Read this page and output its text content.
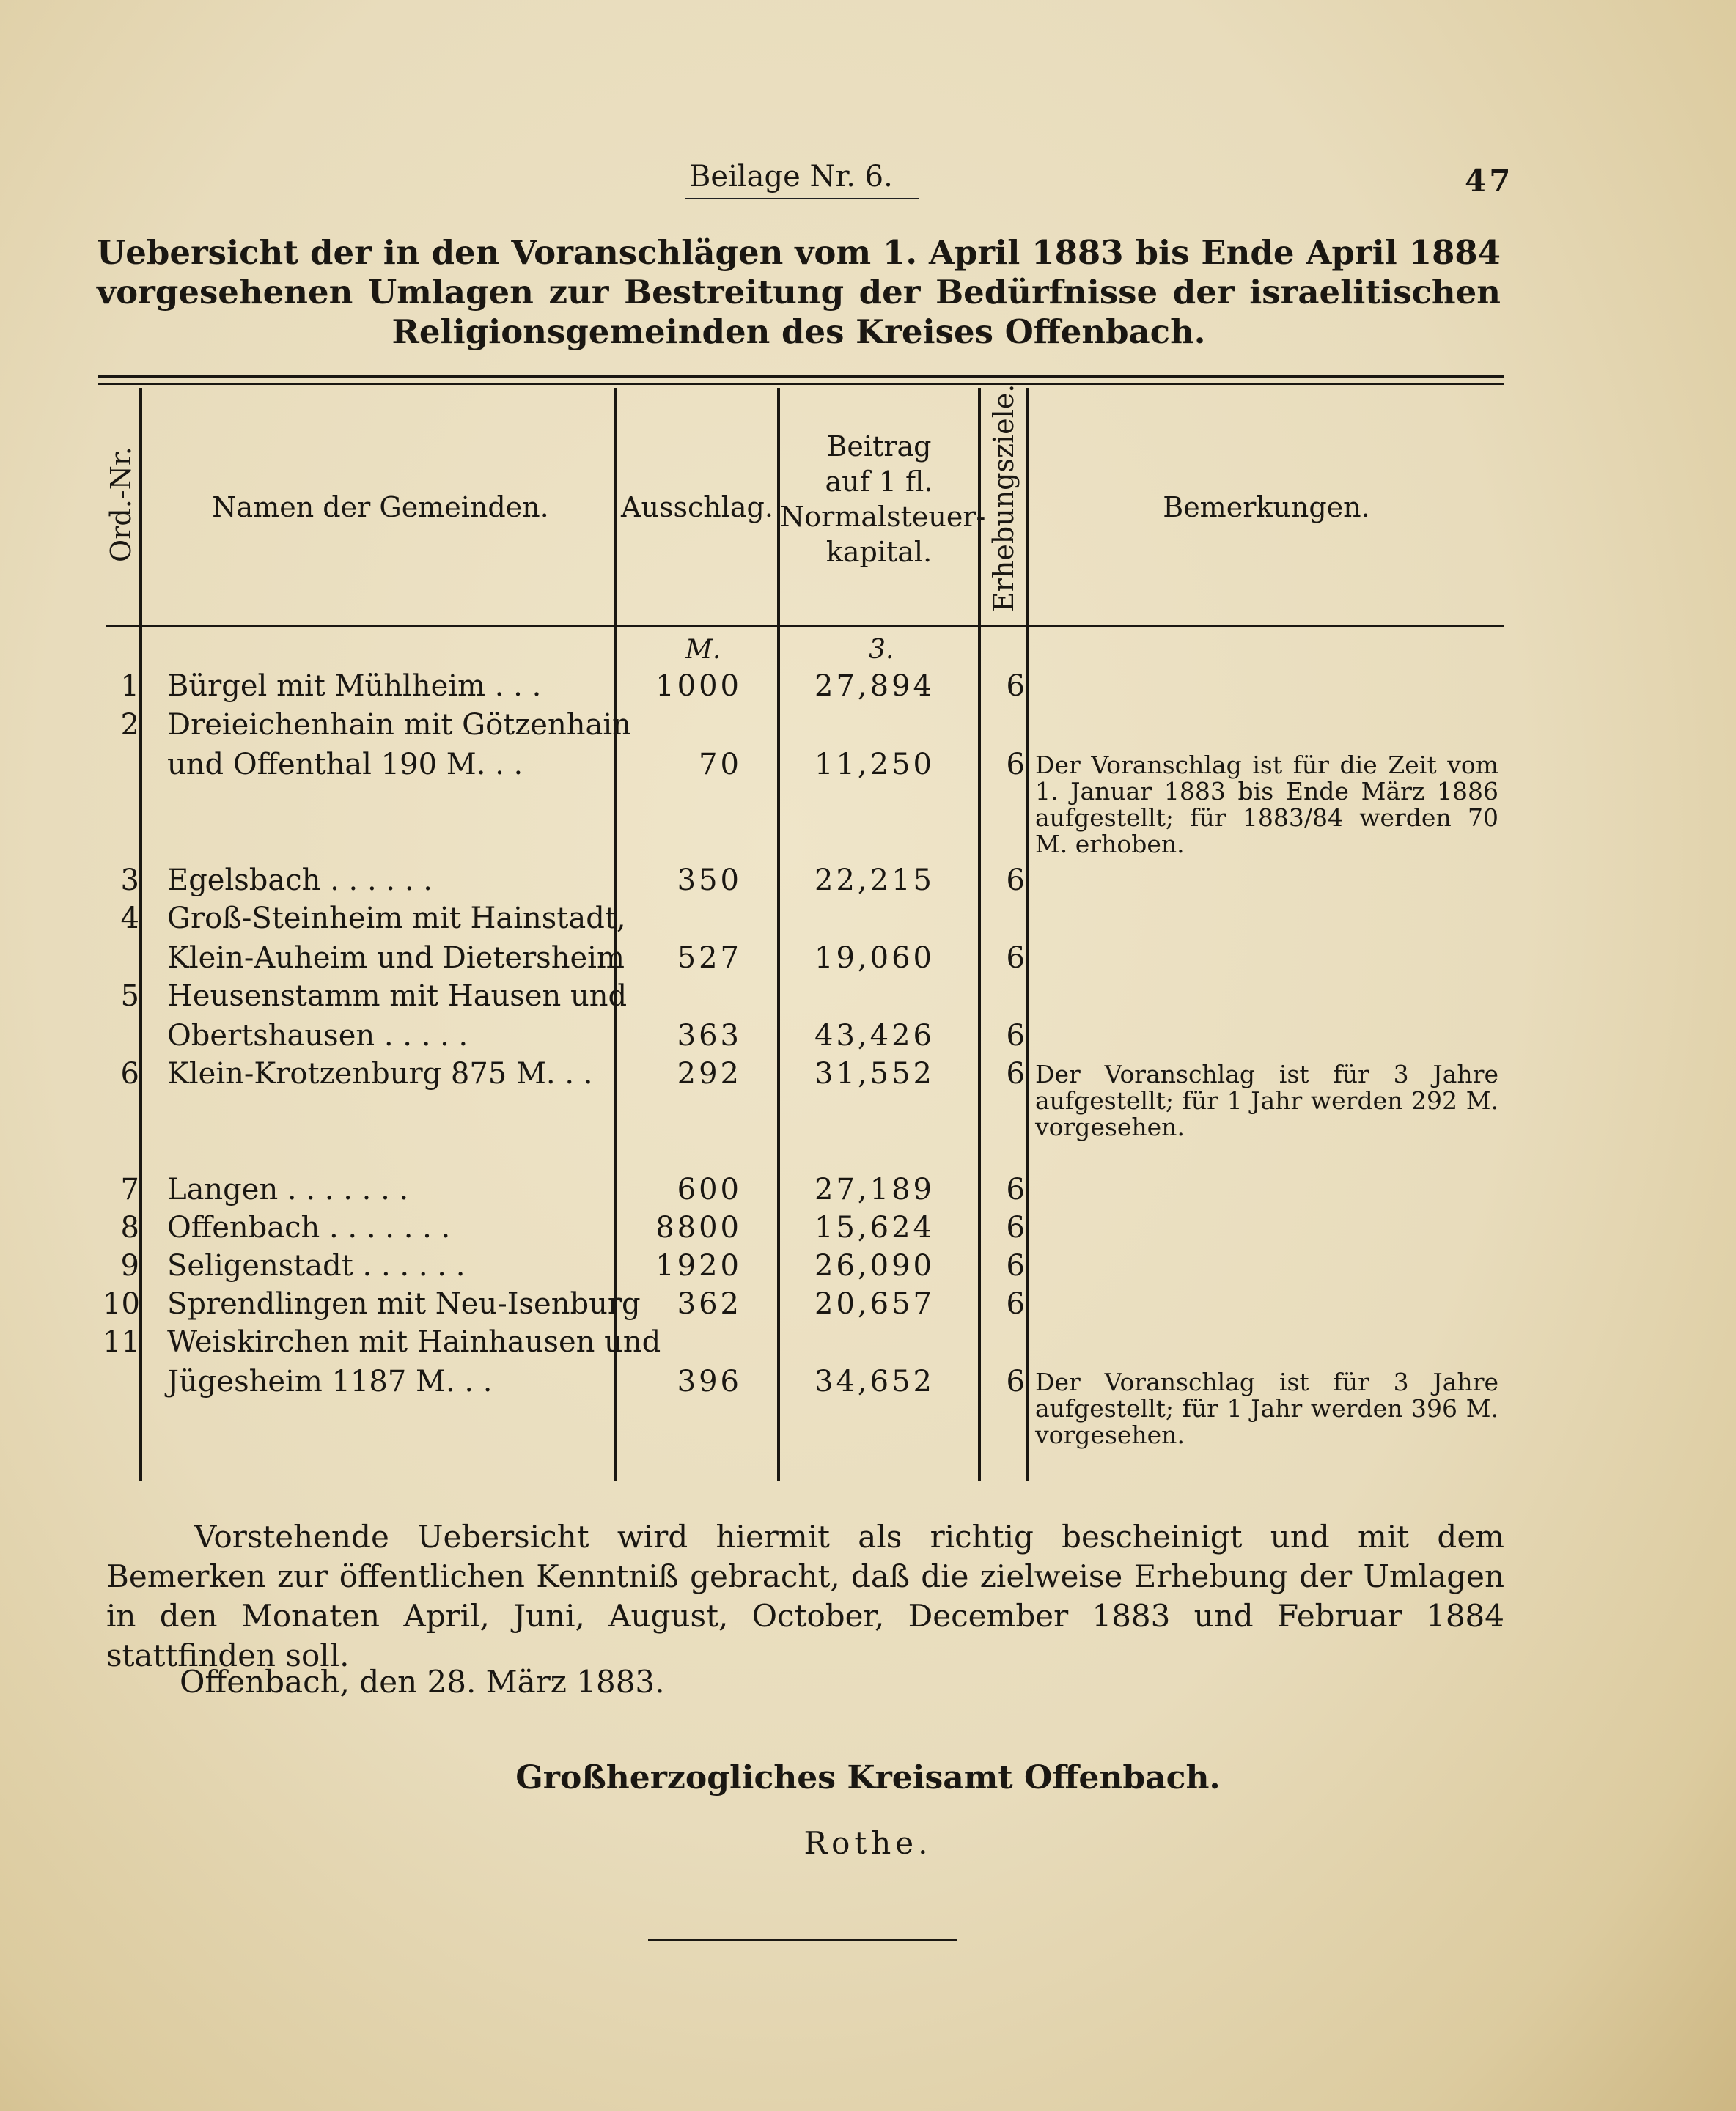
Beilage Nr. 6.	47
Uebersicht der in den Voranschlägen vom 1. April 1883 bis Ende April 1884 vorgesehenen Umlagen zur Bestreitung der Bedürfnisse der israelitischen Religionsgemeinden des Kreises Offenbach.
Ord.-Nr.	Namen der Gemeinden.	Ausschlag.
Beitrag
auf 1 fl.
Normalsteuer-
kapital.	Erhebungsziele.	Bemerkungen.
M.	3.
1 Bürgel mit Mühlheim . . .	1000	27,894	6
2 Dreieichenhain mit Götzenhain
und Offenthal 190 M. . .	70	11,250	6 Der Voranschlag ist für die Zeit vom 1. Januar 1883 bis Ende März 1886 aufgestellt; für 1883/84 werden 70 M. erhoben.
3 Egelsbach . . . . . .	350	22,215	6
4 Groß-Steinheim mit Hainstadt,
Klein-Auheim und Dietersheim	527	19,060	6
5 Heusenstamm mit Hausen und
Obertshausen . . . . .	363	43,426	6
6 Klein-Krotzenburg 875 M. . .	292	31,552	6 Der Voranschlag ist für 3 Jahre aufgestellt; für 1 Jahr werden 292 M. vorgesehen.
7 Langen . . . . . . .	600	27,189	6
8 Offenbach . . . . . . .	8800	15,624	6
9 Seligenstadt . . . . . .	1920	26,090	6
10 Sprendlingen mit Neu-Isenburg	362	20,657	6
11 Weiskirchen mit Hainhausen und
Jügesheim 1187 M. . .	396	34,652	6 Der Voranschlag ist für 3 Jahre aufgestellt; für 1 Jahr werden 396 M. vorgesehen.
Vorstehende Uebersicht wird hiermit als richtig bescheinigt und mit dem Bemerken zur öffentlichen Kenntniß gebracht, daß die zielweise Erhebung der Umlagen in den Monaten April, Juni, August, October, December 1883 und Februar 1884 stattfinden soll.
Offenbach, den 28. März 1883.
Großherzogliches Kreisamt Offenbach.
Rothe.
